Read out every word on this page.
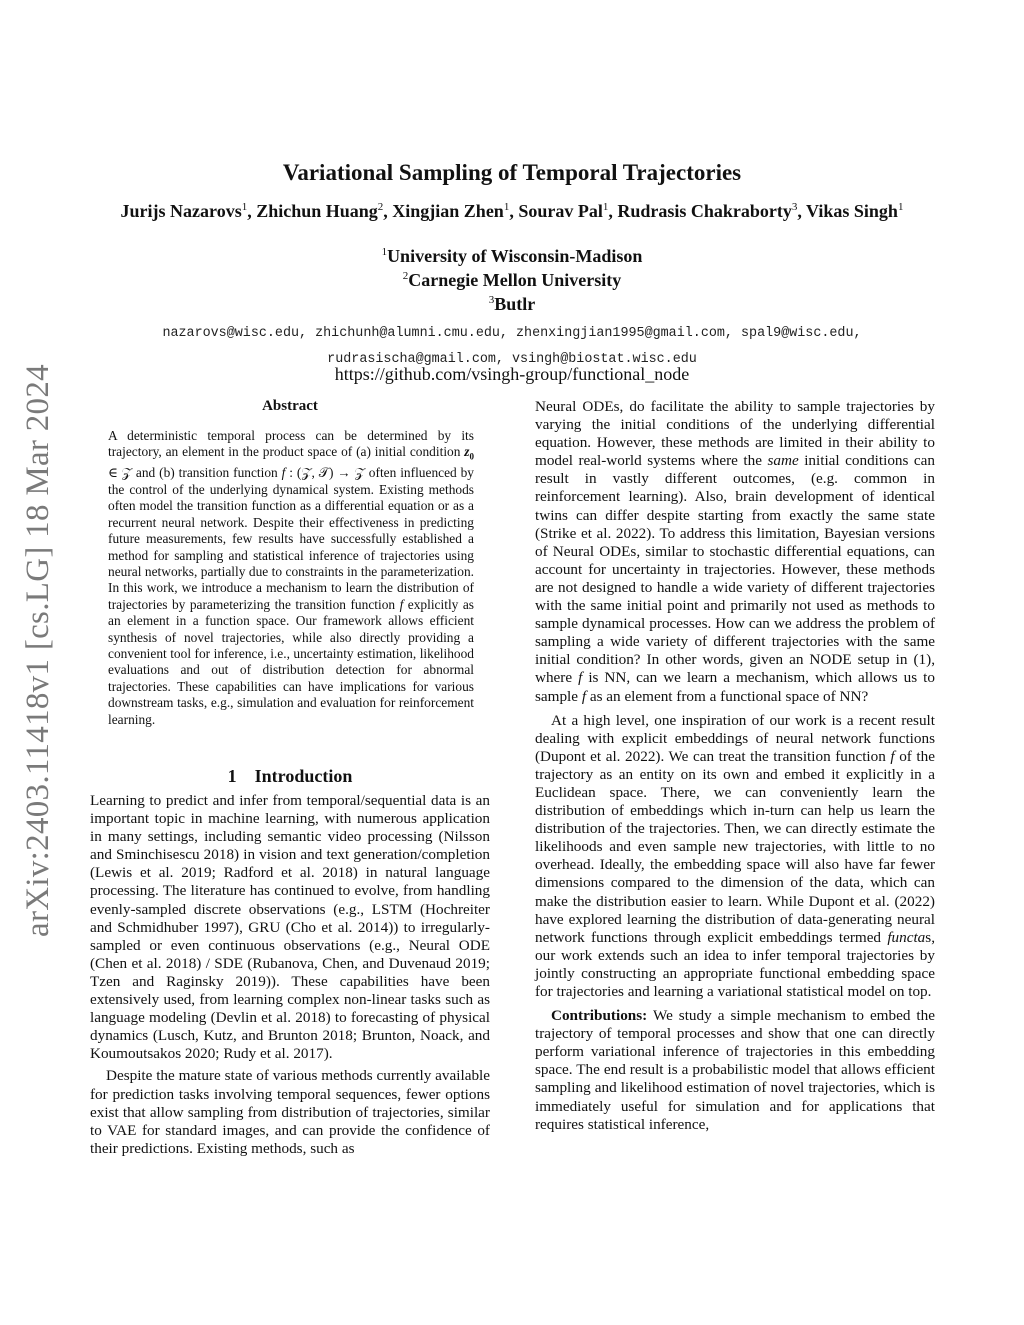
arXiv:2403.11418v1 [cs.LG] 18 Mar 2024
Variational Sampling of Temporal Trajectories
Jurijs Nazarovs$^1$, Zhichun Huang$^2$, Xingjian Zhen$^1$, Sourav Pal$^1$, Rudrasis Chakraborty$^3$, Vikas Singh$^1$
$^1$University of Wisconsin-Madison
$^2$Carnegie Mellon University
$^3$Butlr
nazarovs@wisc.edu, zhichunh@alumni.cmu.edu, zhenxingjian1995@gmail.com, spal9@wisc.edu,
rudrasischa@gmail.com, vsingh@biostat.wisc.edu
https://github.com/vsingh-group/functional_node
Abstract
A deterministic temporal process can be determined by its trajectory, an element in the product space of (a) initial condition $z_0$ ∈ 𝒵 and (b) transition function f : (𝒵, 𝒯) → 𝒵 often influenced by the control of the underlying dynamical system. Existing methods often model the transition function as a differential equation or as a recurrent neural network. Despite their effectiveness in predicting future measurements, few results have successfully established a method for sampling and statistical inference of trajectories using neural networks, partially due to constraints in the parameterization. In this work, we introduce a mechanism to learn the distribution of trajectories by parameterizing the transition function f explicitly as an element in a function space. Our framework allows efficient synthesis of novel trajectories, while also directly providing a convenient tool for inference, i.e., uncertainty estimation, likelihood evaluations and out of distribution detection for abnormal trajectories. These capabilities can have implications for various downstream tasks, e.g., simulation and evaluation for reinforcement learning.
1 Introduction

Learning to predict and infer from temporal/sequential data is an important topic in machine learning, with numerous application in many settings, including semantic video processing (Nilsson and Sminchisescu 2018) in vision and text generation/completion (Lewis et al. 2019; Radford et al. 2018) in natural language processing. The literature has continued to evolve, from handling evenly-sampled discrete observations (e.g., LSTM (Hochreiter and Schmidhuber 1997), GRU (Cho et al. 2014)) to irregularly-sampled or even continuous observations (e.g., Neural ODE (Chen et al. 2018) / SDE (Rubanova, Chen, and Duvenaud 2019; Tzen and Raginsky 2019)). These capabilities have been extensively used, from learning complex non-linear tasks such as language modeling (Devlin et al. 2018) to forecasting of physical dynamics (Lusch, Kutz, and Brunton 2018; Brunton, Noack, and Koumoutsakos 2020; Rudy et al. 2017).

Despite the mature state of various methods currently available for prediction tasks involving temporal sequences, fewer options exist that allow sampling from distribution of trajectories, similar to VAE for standard images, and can provide the confidence of their predictions. Existing methods, such as

Neural ODEs, do facilitate the ability to sample trajectories by varying the initial conditions of the underlying differential equation. However, these methods are limited in their ability to model real-world systems where the same initial conditions can result in vastly different outcomes, (e.g. common in reinforcement learning). Also, brain development of identical twins can differ despite starting from exactly the same state (Strike et al. 2022). To address this limitation, Bayesian versions of Neural ODEs, similar to stochastic differential equations, can account for uncertainty in trajectories. However, these methods are not designed to handle a wide variety of different trajectories with the same initial point and primarily not used as methods to sample dynamical processes. How can we address the problem of sampling a wide variety of different trajectories with the same initial condition? In other words, given an NODE setup in (1), where f is NN, can we learn a mechanism, which allows us to sample f as an element from a functional space of NN?

At a high level, one inspiration of our work is a recent result dealing with explicit embeddings of neural network functions (Dupont et al. 2022). We can treat the transition function f of the trajectory as an entity on its own and embed it explicitly in a Euclidean space. There, we can conveniently learn the distribution of embeddings which in-turn can help us learn the distribution of the trajectories. Then, we can directly estimate the likelihoods and even sample new trajectories, with little to no overhead. Ideally, the embedding space will also have far fewer dimensions compared to the dimension of the data, which can make the distribution easier to learn. While Dupont et al. (2022) have explored learning the distribution of data-generating neural network functions through explicit embeddings termed functas, our work extends such an idea to infer temporal trajectories by jointly constructing an appropriate functional embedding space for trajectories and learning a variational statistical model on top.

Contributions: We study a simple mechanism to embed the trajectory of temporal processes and show that one can directly perform variational inference of trajectories in this embedding space. The end result is a probabilistic model that allows efficient sampling and likelihood estimation of novel trajectories, which is immediately useful for simulation and for applications that requires statistical inference,
